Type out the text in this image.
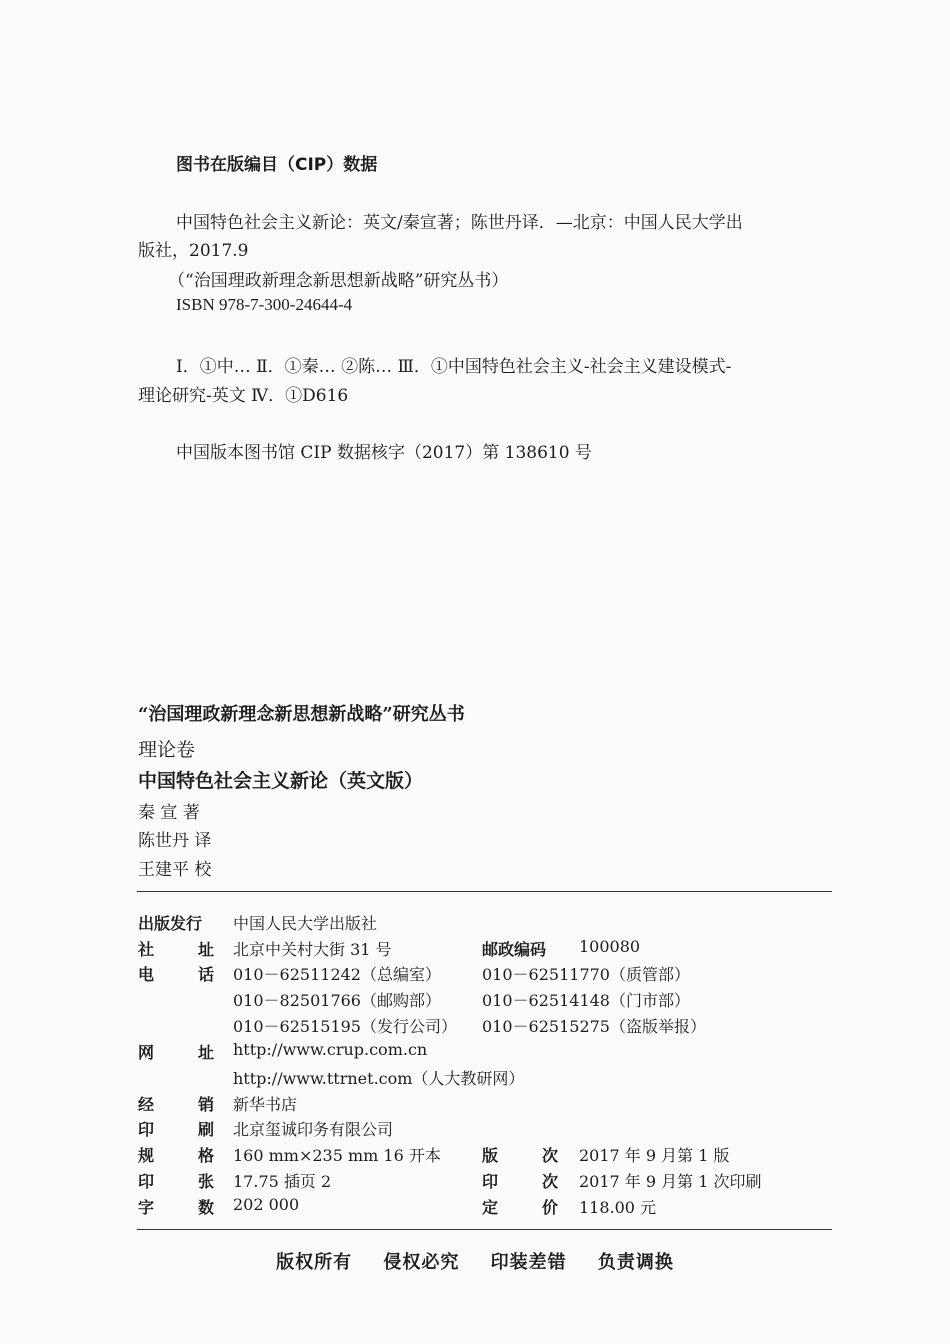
图书在版编目（CIP）数据
中国特色社会主义新论：英文/秦宣著；陈世丹译．—北京：中国人民大学出
版社，2017.9
（“治国理政新理念新思想新战略”研究丛书）
ISBN 978-7-300-24644-4
Ⅰ．①中… Ⅱ．①秦… ②陈… Ⅲ．①中国特色社会主义-社会主义建设模式-
理论研究-英文 Ⅳ．①D616
中国版本图书馆 CIP 数据核字（2017）第 138610 号
“治国理政新理念新思想新战略”研究丛书
理论卷
中国特色社会主义新论（英文版）
秦 宣 著
陈世丹 译
王建平 校
出版发行 中国人民大学出版社
社	址 北京中关村大街 31 号	邮政编码 100080
电	话 010－62511242（总编室）	010－62511770（质管部）
010－82501766（邮购部）	010－62514148（门市部）
010－62515195（发行公司） 010－62515275（盗版举报）
网	址 http://www.crup.com.cn
http://www.ttrnet.com（人大教研网）
经	销 新华书店
印	刷 北京玺诚印务有限公司
规	格 160 mm×235 mm 16 开本	版	次 2017 年 9 月第 1 版
印	张 17.75 插页 2	印	次 2017 年 9 月第 1 次印刷
字	数 202 000	定	价 118.00 元
版权所有 侵权必究 印装差错 负责调换
